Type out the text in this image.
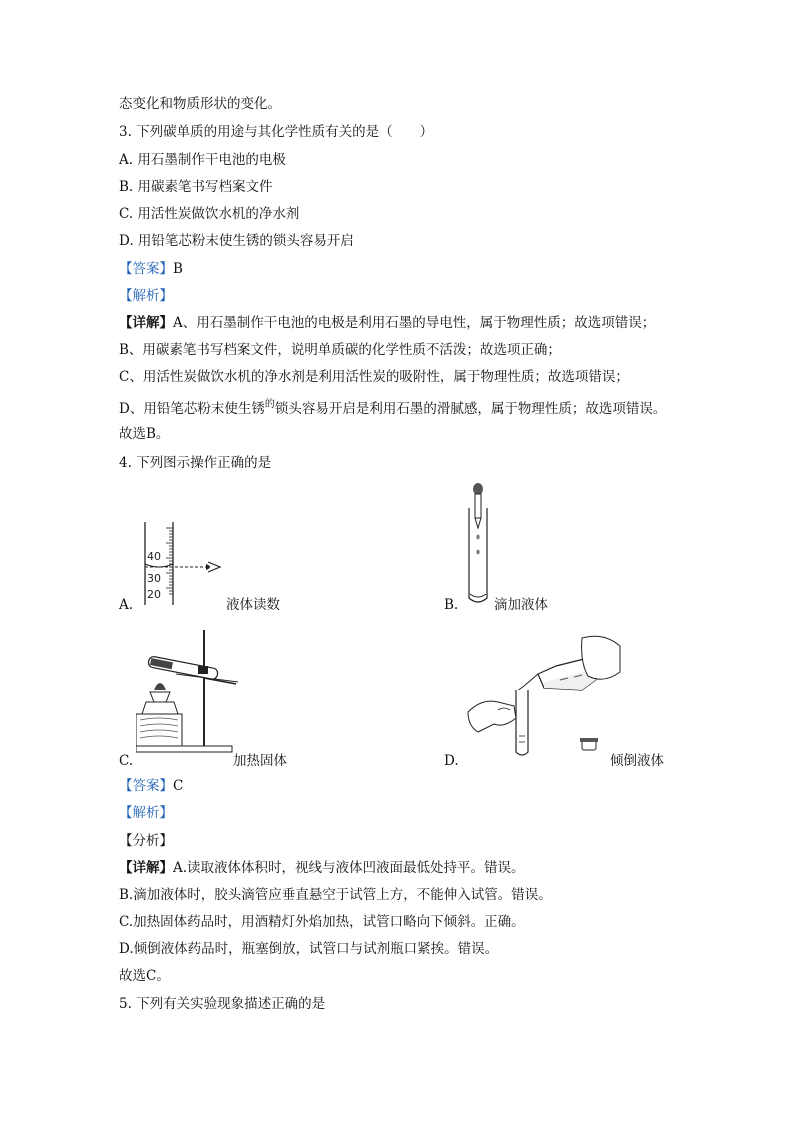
态变化和物质形状的变化。
3. 下列碳单质的用途与其化学性质有关的是（　　）
A. 用石墨制作干电池的电极
B. 用碳素笔书写档案文件
C. 用活性炭做饮水机的净水剂
D. 用铅笔芯粉末使生锈的锁头容易开启
【答案】B
【解析】
【详解】A、用石墨制作干电池的电极是利用石墨的导电性，属于物理性质；故选项错误；
B、用碳素笔书写档案文件，说明单质碳的化学性质不活泼；故选项正确；
C、用活性炭做饮水机的净水剂是利用活性炭的吸附性，属于物理性质；故选项错误；
D、用铅笔芯粉末使生锈$^的$锁头容易开启是利用石墨的滑腻感，属于物理性质；故选项错误。
故选B。
4. 下列图示操作正确的是
40
30
20
A.	液体读数	B.	滴加液体
C.	加热固体	D.	倾倒液体
【答案】C
【解析】
【分析】
【详解】A.读取液体体积时，视线与液体凹液面最低处持平。错误。
B.滴加液体时，胶头滴管应垂直悬空于试管上方，不能伸入试管。错误。
C.加热固体药品时，用酒精灯外焰加热，试管口略向下倾斜。正确。
D.倾倒液体药品时，瓶塞倒放，试管口与试剂瓶口紧挨。错误。
故选C。
5. 下列有关实验现象描述正确的是
